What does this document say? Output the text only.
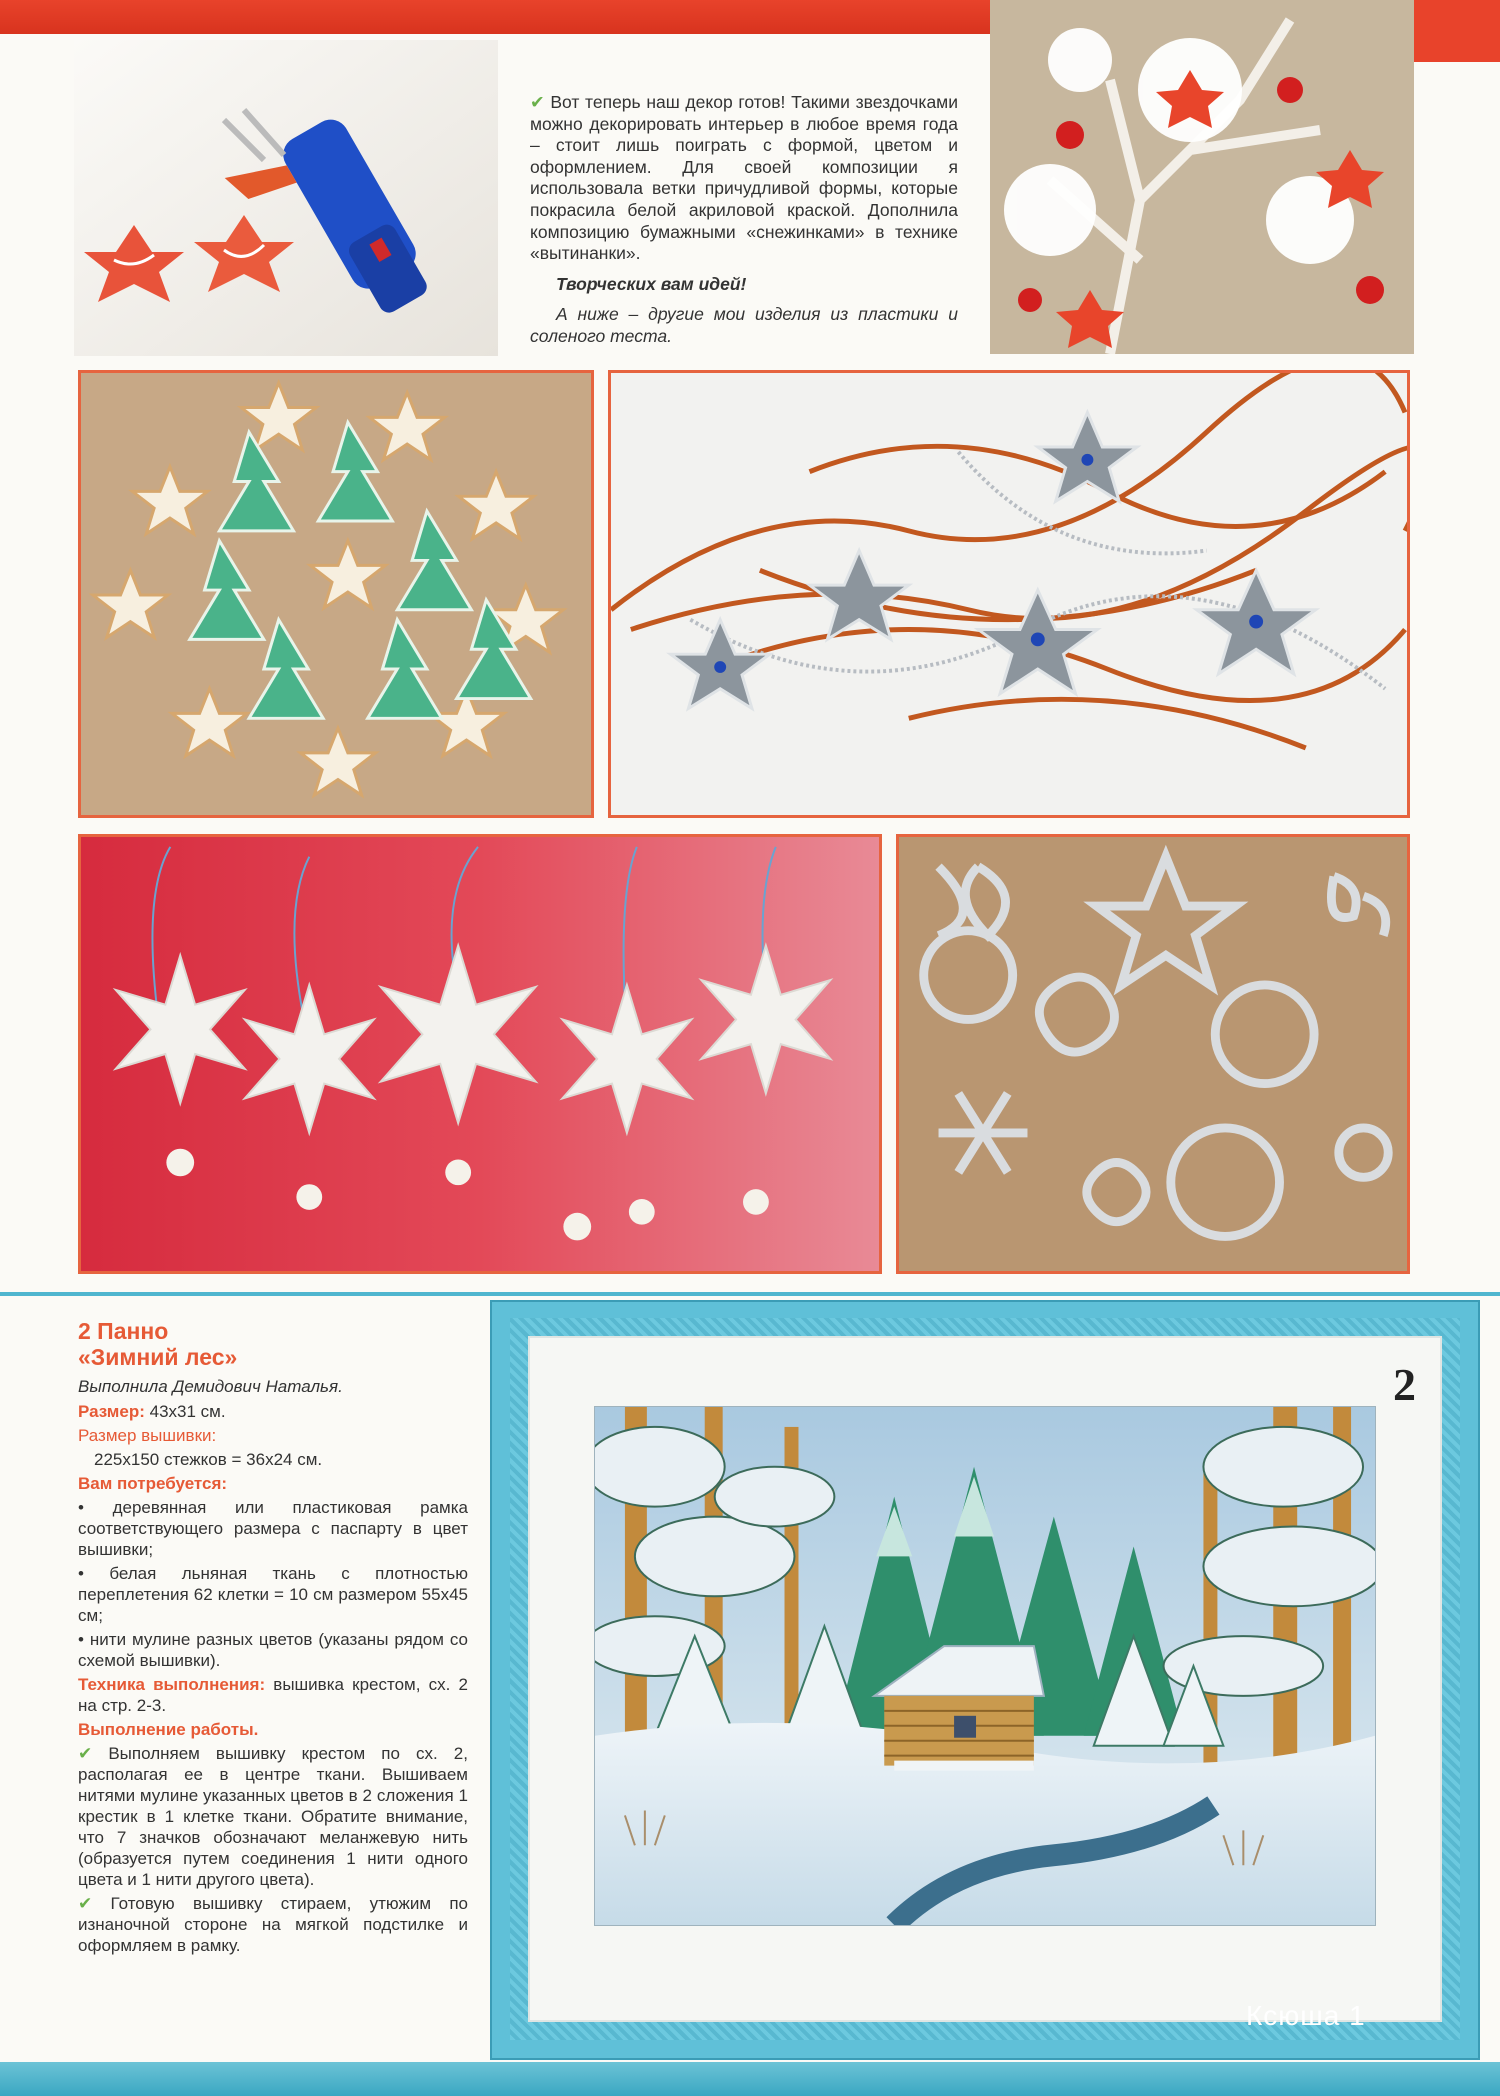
✔ Вот теперь наш декор готов! Такими звездочками можно декорировать интерьер в любое время года – стоит лишь поиграть с формой, цветом и оформлением. Для своей композиции я использовала ветки причудливой формы, которые покрасила белой акриловой краской. Дополнила композицию бумажными «снежинками» в технике «вытинанки».

Творческих вам идей!

А ниже – другие мои изделия из пластики и соленого теста.

2 Панно

«Зимний лес»

Выполнила Демидович Наталья.

Размер: 43x31 см.

Размер вышивки:

225x150 стежков = 36x24 см.

Вам потребуется:

• деревянная или пластиковая рамка соответствующего размера с паспарту в цвет вышивки;

• белая льняная ткань с плотностью переплетения 62 клетки = 10 см размером 55x45 см;

• нити мулине разных цветов (указаны рядом со схемой вышивки).

Техника выполнения: вышивка крестом, сх. 2 на стр. 2-3.

Выполнение работы.

✔ Выполняем вышивку крестом по сх. 2, располагая ее в центре ткани. Вышиваем нитями мулине указанных цветов в 2 сложения 1 крестик в 1 клетке ткани. Обратите внимание, что 7 значков обозначают меланжевую нить (образуется путем соединения 1 нити одного цвета и 1 нити другого цвета).

✔ Готовую вышивку стираем, утюжим по изнаночной стороне на мягкой подстилке и оформляем в рамку.

2
Ксюша 1
